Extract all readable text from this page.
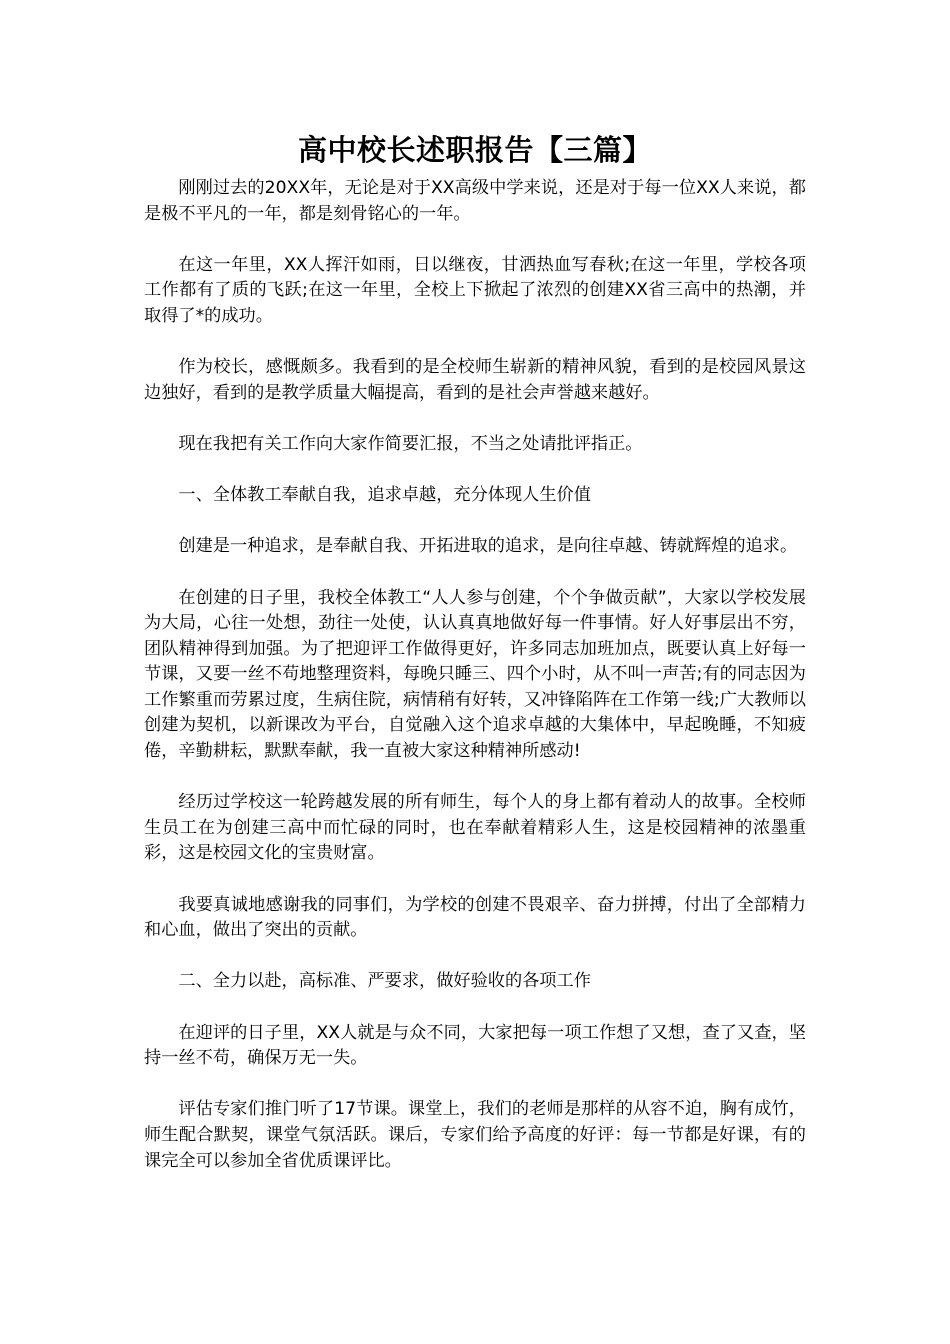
高中校长述职报告【三篇】

刚刚过去的20XX年，无论是对于XX高级中学来说，还是对于每一位XX人来说，都是极不平凡的一年，都是刻骨铭心的一年。

在这一年里，XX人挥汗如雨，日以继夜，甘洒热血写春秋;在这一年里，学校各项工作都有了质的飞跃;在这一年里，全校上下掀起了浓烈的创建XX省三高中的热潮，并取得了*的成功。

作为校长，感慨颇多。我看到的是全校师生崭新的精神风貌，看到的是校园风景这边独好，看到的是教学质量大幅提高，看到的是社会声誉越来越好。

现在我把有关工作向大家作简要汇报，不当之处请批评指正。

一、全体教工奉献自我，追求卓越，充分体现人生价值

创建是一种追求，是奉献自我、开拓进取的追求，是向往卓越、铸就辉煌的追求。

在创建的日子里，我校全体教工“人人参与创建，个个争做贡献”，大家以学校发展为大局，心往一处想，劲往一处使，认认真真地做好每一件事情。好人好事层出不穷，团队精神得到加强。为了把迎评工作做得更好，许多同志加班加点，既要认真上好每一节课，又要一丝不苟地整理资料，每晚只睡三、四个小时，从不叫一声苦;有的同志因为工作繁重而劳累过度，生病住院，病情稍有好转，又冲锋陷阵在工作第一线;广大教师以创建为契机，以新课改为平台，自觉融入这个追求卓越的大集体中，早起晚睡，不知疲倦，辛勤耕耘，默默奉献，我一直被大家这种精神所感动!

经历过学校这一轮跨越发展的所有师生，每个人的身上都有着动人的故事。全校师生员工在为创建三高中而忙碌的同时，也在奉献着精彩人生，这是校园精神的浓墨重彩，这是校园文化的宝贵财富。

我要真诚地感谢我的同事们，为学校的创建不畏艰辛、奋力拼搏，付出了全部精力和心血，做出了突出的贡献。

二、全力以赴，高标准、严要求，做好验收的各项工作

在迎评的日子里，XX人就是与众不同，大家把每一项工作想了又想，查了又查，坚持一丝不苟，确保万无一失。

评估专家们推门听了17节课。课堂上，我们的老师是那样的从容不迫，胸有成竹，师生配合默契，课堂气氛活跃。课后，专家们给予高度的好评：每一节都是好课，有的课完全可以参加全省优质课评比。
